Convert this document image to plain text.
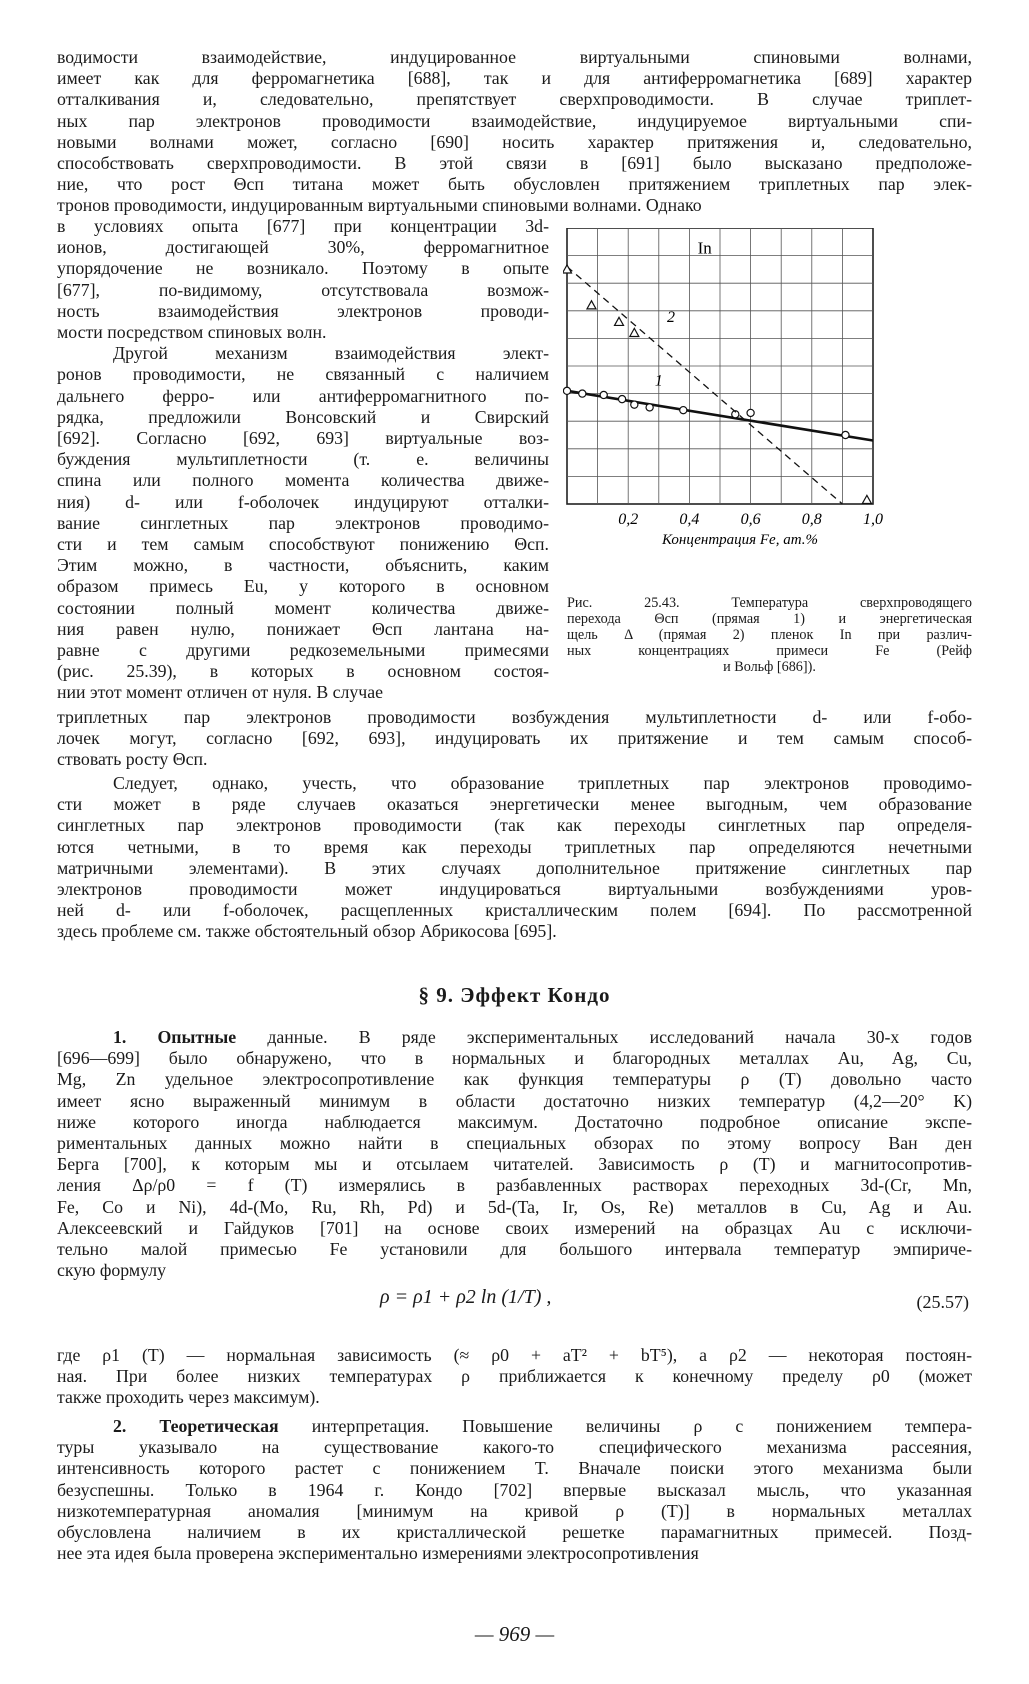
водимости взаимодействие, индуцированное виртуальными спиновыми волнами,
имеет как для ферромагнетика [688], так и для антиферромагнетика [689] характер
отталкивания и, следовательно, препятствует сверхпроводимости. В случае триплет-
ных пар электронов проводимости взаимодействие, индуцируемое виртуальными спи-
новыми волнами может, согласно [690] носить характер притяжения и, следовательно,
способствовать сверхпроводимости. В этой связи в [691] было высказано предположе-
ние, что рост Θсп титана может быть обусловлен притяжением триплетных пар элек-
тронов проводимости, индуцированным виртуальными спиновыми волнами. Однако
в условиях опыта [677] при концентрации 3d-
ионов, достигающей 30%, ферромагнитное
упорядочение не возникало. Поэтому в опыте
[677], по-видимому, отсутствовала возмож-
ность взаимодействия электронов проводи-
мости посредством спиновых волн.
Другой механизм взаимодействия элект-
ронов проводимости, не связанный с наличием
дальнего ферро- или антиферромагнитного по-
рядка, предложили Вонсовский и Свирский
[692]. Согласно [692, 693] виртуальные воз-
буждения мультиплетности (т. е. величины
спина или полного момента количества движе-
ния) d- или f-оболочек индуцируют отталки-
вание синглетных пар электронов проводимо-
сти и тем самым способствуют понижению Θсп.
Этим можно, в частности, объяснить, каким
образом примесь Eu, у которого в основном
состоянии полный момент количества движе-
ния равен нулю, понижает Θсп лантана на-
равне с другими редкоземельными примесями
(рис. 25.39), в которых в основном состоя-
нии этот момент отличен от нуля. В случае
0,2	0,4	0,6	0,8	1,0
Концентрация Fe, ат.%
In
1
2
Рис. 25.43. Температура сверхпроводящего
перехода Θсп (прямая 1) и энергетическая
щель Δ (прямая 2) пленок In при различ-
ных концентрациях примеси Fe (Рейф
и Вольф [686]).
триплетных пар электронов проводимости возбуждения мультиплетности d- или f-обо-
лочек могут, согласно [692, 693], индуцировать их притяжение и тем самым способ-
ствовать росту Θсп.
Следует, однако, учесть, что образование триплетных пар электронов проводимо-
сти может в ряде случаев оказаться энергетически менее выгодным, чем образование
синглетных пар электронов проводимости (так как переходы синглетных пар определя-
ются четными, в то время как переходы триплетных пар определяются нечетными
матричными элементами). В этих случаях дополнительное притяжение синглетных пар
электронов проводимости может индуцироваться виртуальными возбуждениями уров-
ней d- или f-оболочек, расщепленных кристаллическим полем [694]. По рассмотренной
здесь проблеме см. также обстоятельный обзор Абрикосова [695].
§ 9. Эффект Кондо
1. Опытные данные. В ряде экспериментальных исследований начала 30-х годов
[696—699] было обнаружено, что в нормальных и благородных металлах Au, Ag, Cu,
Mg, Zn удельное электросопротивление как функция температуры ρ (T) довольно часто
имеет ясно выраженный минимум в области достаточно низких температур (4,2—20° K)
ниже которого иногда наблюдается максимум. Достаточно подробное описание экспе-
риментальных данных можно найти в специальных обзорах по этому вопросу Ван ден
Берга [700], к которым мы и отсылаем читателей. Зависимость ρ (T) и магнитосопротив-
ления Δρ/ρ0 = f (T) измерялись в разбавленных растворах переходных 3d-(Cr, Mn,
Fe, Co и Ni), 4d-(Mo, Ru, Rh, Pd) и 5d-(Ta, Ir, Os, Re) металлов в Cu, Ag и Au.
Алексеевский и Гайдуков [701] на основе своих измерений на образцах Au с исключи-
тельно малой примесью Fe установили для большого интервала температур эмпириче-
скую формулу
ρ = ρ1 + ρ2 ln (1/T) ,	(25.57)
где ρ1 (T) — нормальная зависимость (≈ ρ0 + aT² + bT⁵), а ρ2 — некоторая постоян-
ная. При более низких температурах ρ приближается к конечному пределу ρ0 (может
также проходить через максимум).
2. Теоретическая интерпретация. Повышение величины ρ с понижением темпера-
туры указывало на существование какого-то специфического механизма рассеяния,
интенсивность которого растет с понижением T. Вначале поиски этого механизма были
безуспешны. Только в 1964 г. Кондо [702] впервые высказал мысль, что указанная
низкотемпературная аномалия [минимум на кривой ρ (T)] в нормальных металлах
обусловлена наличием в их кристаллической решетке парамагнитных примесей. Позд-
нее эта идея была проверена экспериментально измерениями электросопротивления
— 969 —
